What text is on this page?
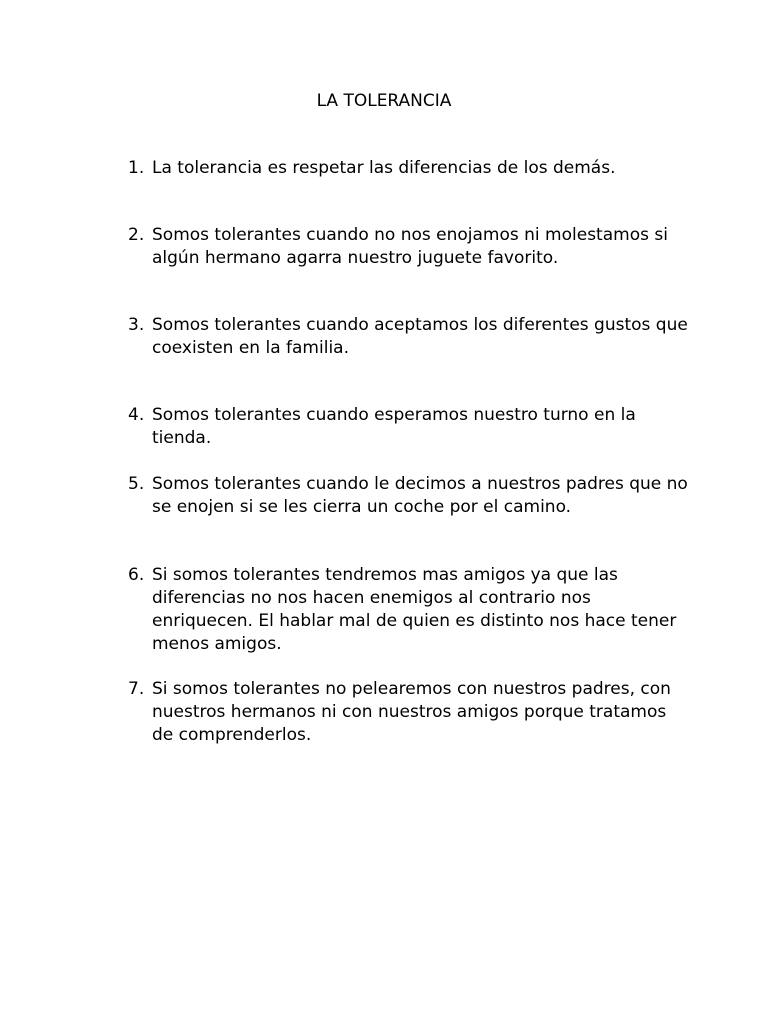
LA TOLERANCIA
1. La tolerancia es respetar las diferencias de los demás.
2. Somos tolerantes cuando no nos enojamos ni molestamos si algún hermano agarra nuestro juguete favorito.
3. Somos tolerantes cuando aceptamos los diferentes gustos que coexisten en la familia.
4. Somos tolerantes cuando esperamos nuestro turno en la tienda.
5. Somos tolerantes cuando le decimos a nuestros padres que no se enojen si se les cierra un coche por el camino.
6. Si somos tolerantes tendremos mas amigos ya que las diferencias no nos hacen enemigos al contrario nos enriquecen. El hablar mal de quien es distinto nos hace tener menos amigos.
7. Si somos tolerantes no pelearemos con nuestros padres, con nuestros hermanos ni con nuestros amigos porque tratamos de comprenderlos.
